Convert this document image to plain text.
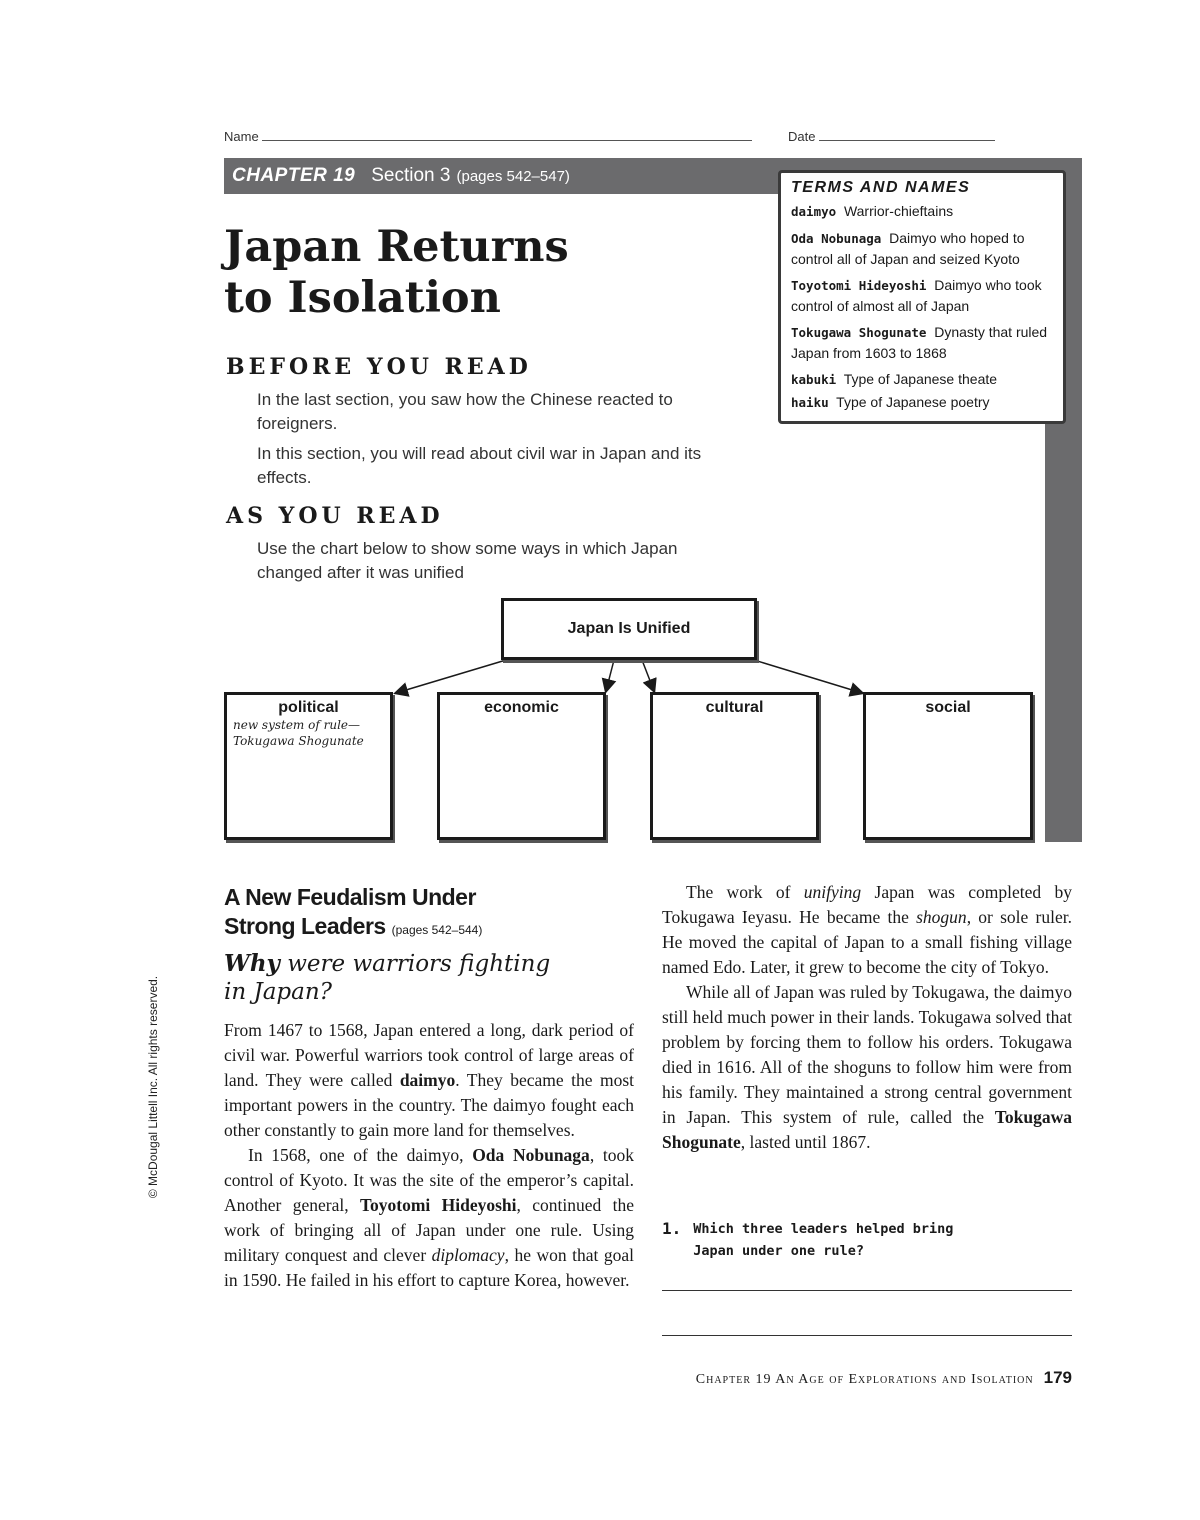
Name	Date
CHAPTER 19 Section 3 (pages 542–547)
TERMS AND NAMES
daimyo Warrior-chieftains
Oda Nobunaga Daimyo who hoped to control all of Japan and seized Kyoto
Toyotomi Hideyoshi Daimyo who took control of almost all of Japan
Tokugawa Shogunate Dynasty that ruled Japan from 1603 to 1868
kabuki Type of Japanese theate
haiku Type of Japanese poetry
Japan Returns
to Isolation
BEFORE YOU READ
In the last section, you saw how the Chinese reacted to foreigners.
In this section, you will read about civil war in Japan and its effects.
AS YOU READ
Use the chart below to show some ways in which Japan changed after it was unified
Japan Is Unified
political
new system of rule—
Tokugawa Shogunate
economic	cultural	social
© McDougal Littell Inc. All rights reserved.
A New Feudalism Under
Strong Leaders (pages 542–544)
Why were warriors fighting
in Japan?

From 1467 to 1568, Japan entered a long, dark period of civil war. Powerful warriors took control of large areas of land. They were called daimyo. They became the most important powers in the country. The daimyo fought each other constantly to gain more land for themselves.

In 1568, one of the daimyo, Oda Nobunaga, took control of Kyoto. It was the site of the emperor’s capital. Another general, Toyotomi Hideyoshi, continued the work of bringing all of Japan under one rule. Using military conquest and clever diplomacy, he won that goal in 1590. He failed in his effort to capture Korea, however.

The work of unifying Japan was completed by Tokugawa Ieyasu. He became the shogun, or sole ruler. He moved the capital of Japan to a small fishing village named Edo. Later, it grew to become the city of Tokyo.

While all of Japan was ruled by Tokugawa, the daimyo still held much power in their lands. Tokugawa solved that problem by forcing them to follow his orders. Tokugawa died in 1616. All of the shoguns to follow him were from his family. They maintained a strong central government in Japan. This system of rule, called the Tokugawa Shogunate, lasted until 1867.

1. Which three leaders helped bring
Japan under one rule?
Chapter 19 An Age of Explorations and Isolation 179
